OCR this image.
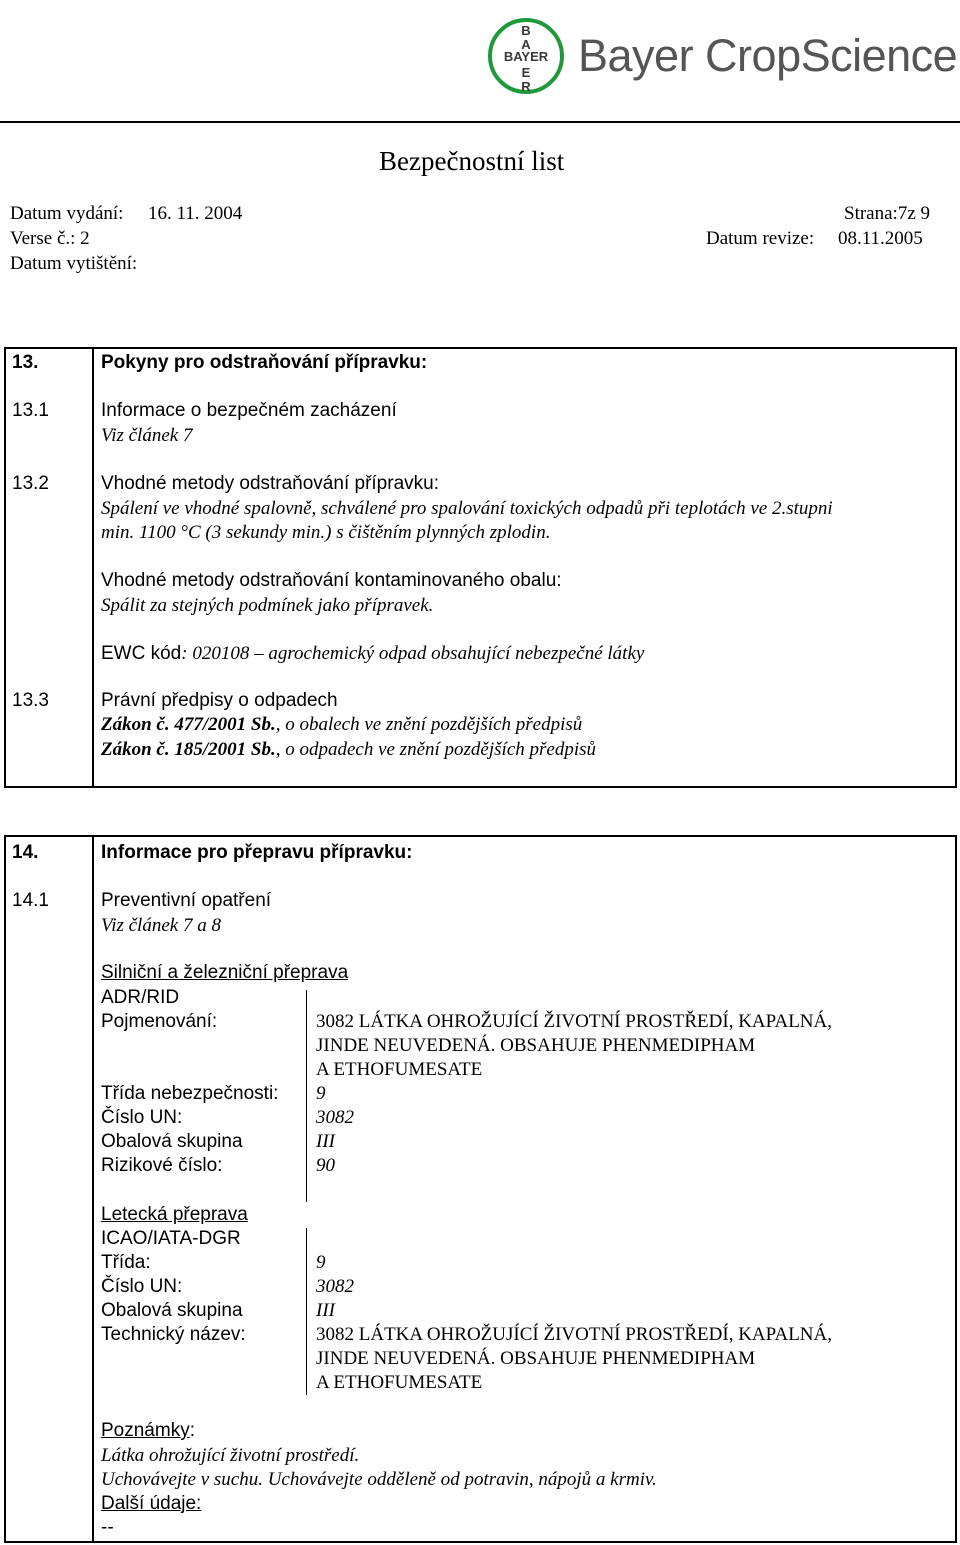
B
A
E
R
BAYER Bayer CropScience
Bezpečnostní list
Datum vydání: 16. 11. 2004	Strana:7z 9
Verse č.: 2	Datum revize: 08.11.2005
Datum vytištění:
13.	Pokyny pro odstraňování přípravku:
13.1	Informace o bezpečném zacházení
Viz článek 7
13.2	Vhodné metody odstraňování přípravku:
Spálení ve vhodné spalovně, schválené pro spalování toxických odpadů při teplotách ve 2.stupni
min. 1100 °C (3 sekundy min.) s čištěním plynných zplodin.
Vhodné metody odstraňování kontaminovaného obalu:
Spálit za stejných podmínek jako přípravek.
EWC kód: 020108 – agrochemický odpad obsahující nebezpečné látky
13.3	Právní předpisy o odpadech
Zákon č. 477/2001 Sb., o obalech ve znění pozdějších předpisů
Zákon č. 185/2001 Sb., o odpadech ve znění pozdějších předpisů
14.	Informace pro přepravu přípravku:
14.1	Preventivní opatření
Viz článek 7 a 8
Silniční a železniční přeprava
ADR/RID
Pojmenování:	3082 LÁTKA OHROŽUJÍCÍ ŽIVOTNÍ PROSTŘEDÍ, KAPALNÁ,
JINDE NEUVEDENÁ. OBSAHUJE PHENMEDIPHAM
A ETHOFUMESATE
Třída nebezpečnosti: 9
Číslo UN:	3082
Obalová skupina	III
Rizikové číslo:	90
Letecká přeprava
ICAO/IATA-DGR
Třída:	9
Číslo UN:	3082
Obalová skupina	III
Technický název:	3082 LÁTKA OHROŽUJÍCÍ ŽIVOTNÍ PROSTŘEDÍ, KAPALNÁ,
JINDE NEUVEDENÁ. OBSAHUJE PHENMEDIPHAM
A ETHOFUMESATE
Poznámky:
Látka ohrožující životní prostředí.
Uchovávejte v suchu. Uchovávejte odděleně od potravin, nápojů a krmiv.
Další údaje:
--
